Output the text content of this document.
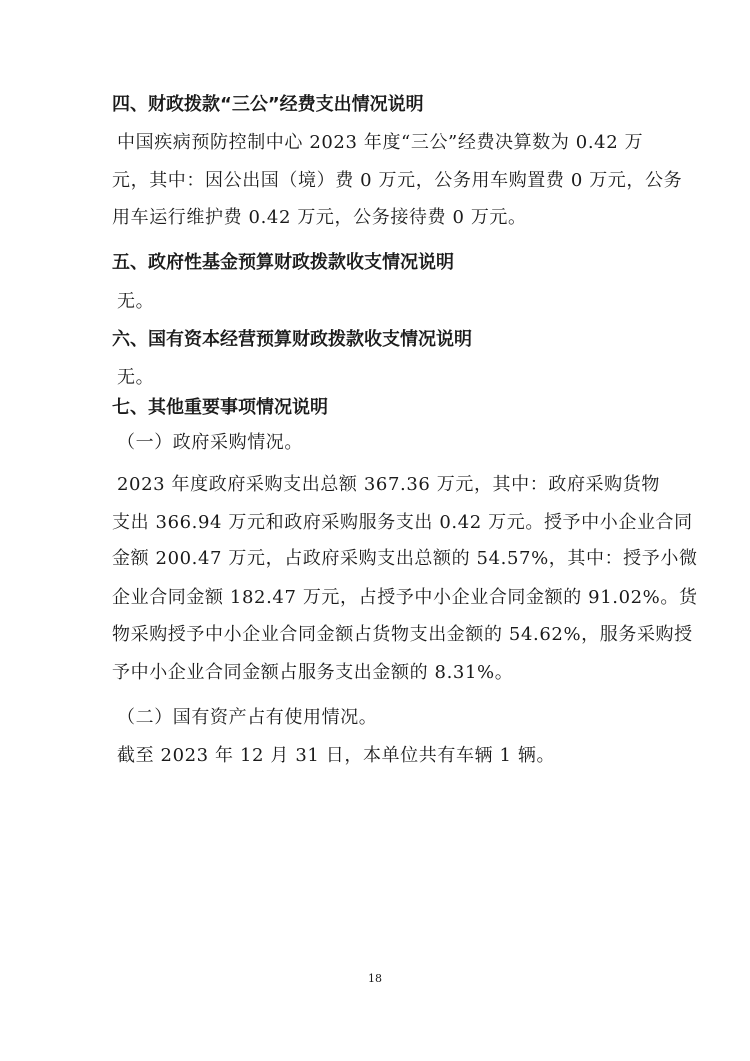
四、财政拨款“三公”经费支出情况说明
中国疾病预防控制中心 2023 年度“三公”经费决算数为 0.42 万
元，其中：因公出国（境）费 0 万元，公务用车购置费 0 万元，公务
用车运行维护费 0.42 万元，公务接待费 0 万元。
五、政府性基金预算财政拨款收支情况说明
无。
六、国有资本经营预算财政拨款收支情况说明
无。
七、其他重要事项情况说明
（一）政府采购情况。
2023 年度政府采购支出总额 367.36 万元，其中：政府采购货物
支出 366.94 万元和政府采购服务支出 0.42 万元。授予中小企业合同
金额 200.47 万元，占政府采购支出总额的 54.57%，其中：授予小微
企业合同金额 182.47 万元，占授予中小企业合同金额的 91.02%。货
物采购授予中小企业合同金额占货物支出金额的 54.62%，服务采购授
予中小企业合同金额占服务支出金额的 8.31%。
（二）国有资产占有使用情况。
截至 2023 年 12 月 31 日，本单位共有车辆 1 辆。
18
